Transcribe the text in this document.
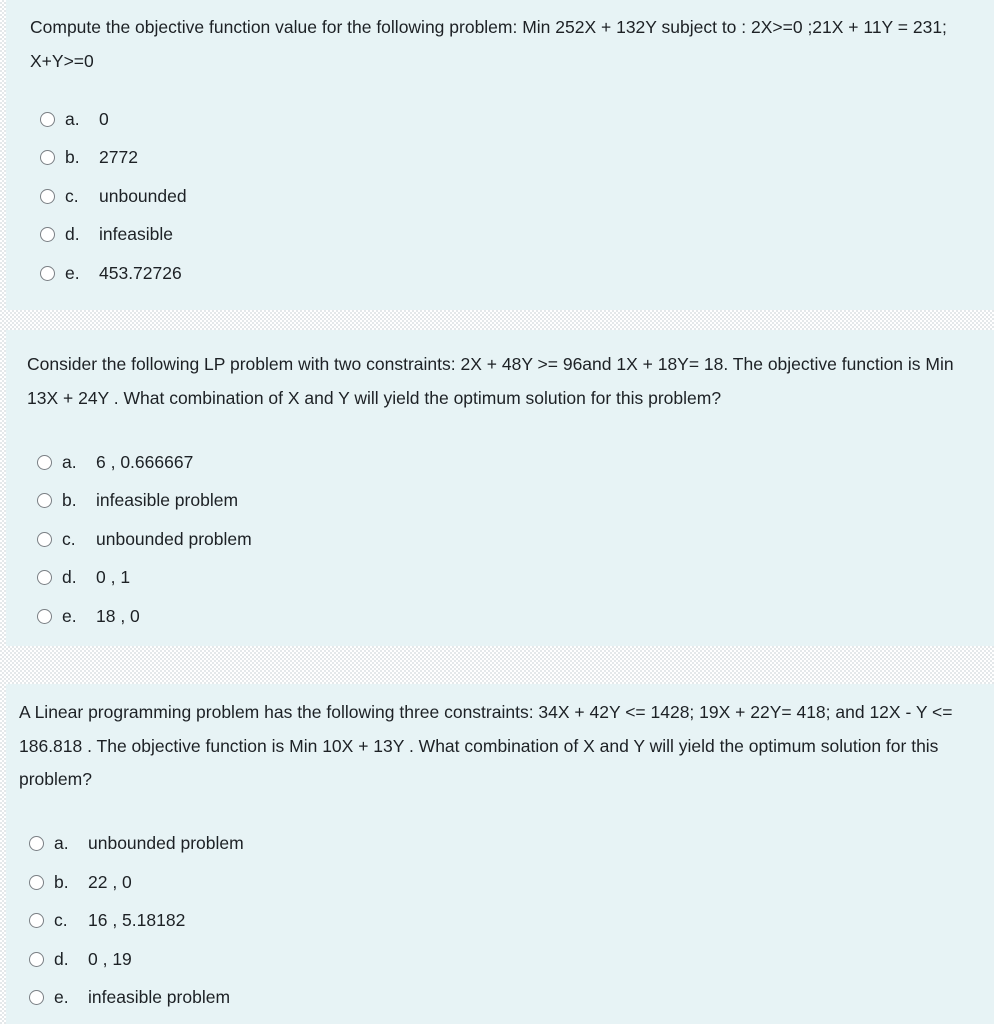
Compute the objective function value for the following problem: Min 252X + 132Y subject to : 2X>=0 ;21X + 11Y = 231; X+Y>=0

a.	0
b.	2772
c.	unbounded
d.	infeasible
e.	453.72726

Consider the following LP problem with two constraints: 2X + 48Y >= 96and 1X + 18Y= 18. The objective function is Min 13X + 24Y . What combination of X and Y will yield the optimum solution for this problem?

a.	6 , 0.666667
b.	infeasible problem
c.	unbounded problem
d.	0 , 1
e.	18 , 0

A Linear programming problem has the following three constraints: 34X + 42Y <= 1428; 19X + 22Y= 418; and 12X - Y <= 186.818 . The objective function is Min 10X + 13Y . What combination of X and Y will yield the optimum solution for this problem?

a.	unbounded problem
b.	22 , 0
c.	16 , 5.18182
d.	0 , 19
e.	infeasible problem
